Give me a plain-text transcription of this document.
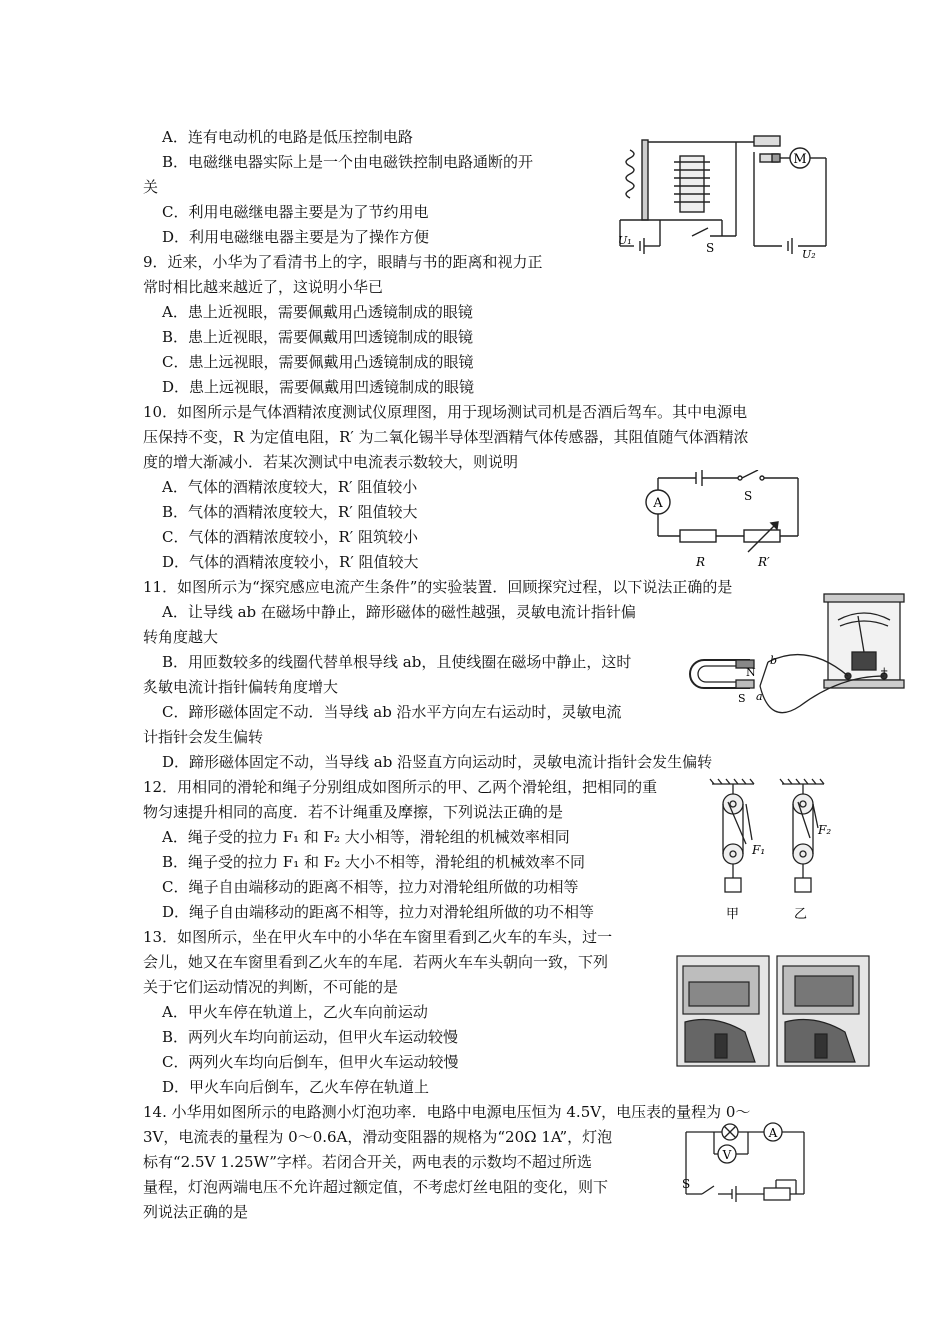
A．连有电动机的电路是低压控制电路
B．电磁继电器实际上是一个由电磁铁控制电路通断的开
关
C．利用电磁继电器主要是为了节约用电
D．利用电磁继电器主要是为了操作方便
M
S
U₁
U₂
9．近来，小华为了看清书上的字，眼睛与书的距离和视力正
常时相比越来越近了，这说明小华已
A．患上近视眼，需要佩戴用凸透镜制成的眼镜
B．患上近视眼，需要佩戴用凹透镜制成的眼镜
C．患上远视眼，需要佩戴用凸透镜制成的眼镜
D．患上远视眼，需要佩戴用凹透镜制成的眼镜
10．如图所示是气体酒精浓度测试仪原理图，用于现场测试司机是否酒后驾车。其中电源电
压保持不变，R 为定值电阻，R′ 为二氧化锡半导体型酒精气体传感器，其阻值随气体酒精浓
度的增大渐减小．若某次测试中电流表示数较大，则说明
A．气体的酒精浓度较大，R′ 阻值较小
B．气体的酒精浓度较大，R′ 阻值较大
C．气体的酒精浓度较小，R′ 阻筑较小
D．气体的酒精浓度较小，R′ 阻值较大
A	S
R	R′
11．如图所示为“探究感应电流产生条件”的实验装置．回顾探究过程，以下说法正确的是
A．让导线 ab 在磁场中静止，蹄形磁体的磁性越强，灵敏电流计指针偏
转角度越大
B．用匝数较多的线圈代替单根导线 ab，且使线圈在磁场中静止，这时
炙敏电流计指针偏转角度增大
C．蹄形磁体固定不动．当导线 ab 沿水平方向左右运动时，灵敏电流
计指针会发生偏转
D．蹄形磁体固定不动，当导线 ab 沿竖直方向运动时，灵敏电流计指针会发生偏转
N
S a
b
+
12．用相同的滑轮和绳子分别组成如图所示的甲、乙两个滑轮组，把相同的重
物匀速提升相同的高度．若不计绳重及摩擦，下列说法正确的是
A．绳子受的拉力 F₁ 和 F₂ 大小相等，滑轮组的机械效率相同
B．绳子受的拉力 F₁ 和 F₂ 大小不相等，滑轮组的机械效率不同
C．绳子自由端移动的距离不相等，拉力对滑轮组所做的功相等
D．绳子自由端移动的距离不相等，拉力对滑轮组所做的功不相等
F₁
F₂
甲	乙
13．如图所示，坐在甲火车中的小华在车窗里看到乙火车的车头，过一
会儿，她又在车窗里看到乙火车的车尾．若两火车车头朝向一致，下列
关于它们运动情况的判断，不可能的是
A．甲火车停在轨道上，乙火车向前运动
B．两列火车均向前运动，但甲火车运动较慢
C．两列火车均向后倒车，但甲火车运动较慢
D．甲火车向后倒车，乙火车停在轨道上
14. 小华用如图所示的电路测小灯泡功率．电路中电源电压恒为 4.5V，电压表的量程为 0～
3V，电流表的量程为 0～0.6A，滑动变阻器的规格为“20Ω 1A”，灯泡
标有“2.5V 1.25W”字样。若闭合开关，两电表的示数均不超过所选
量程，灯泡两端电压不允许超过额定值，不考虑灯丝电阻的变化，则下
列说法正确的是
A
V
S
